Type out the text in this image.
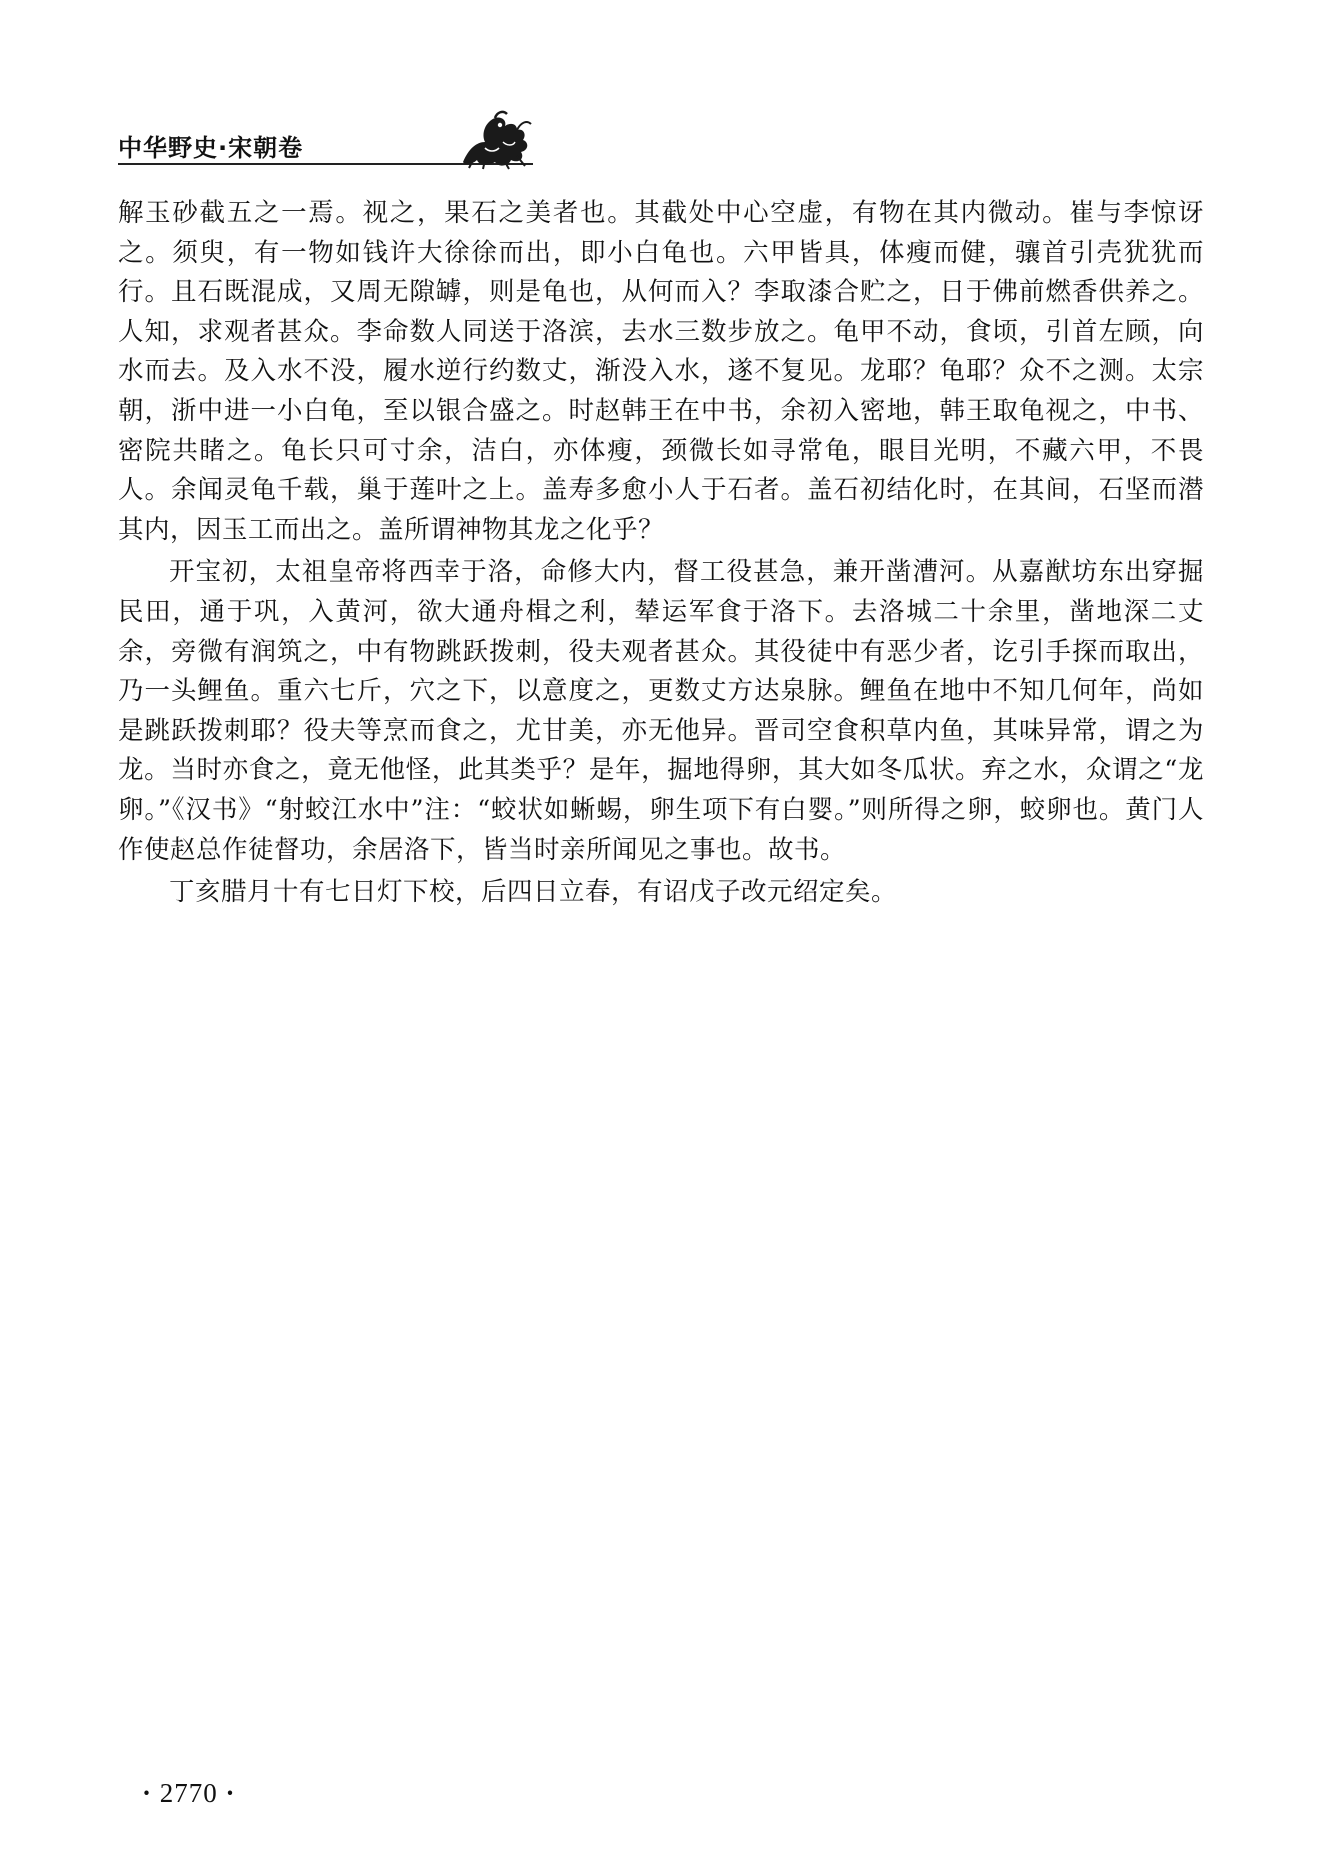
中华野史·宋朝卷

解玉砂截五之一焉。视之，果石之美者也。其截处中心空虚，有物在其内微动。崔与李惊讶之。须臾，有一物如钱许大徐徐而出，即小白龟也。六甲皆具，体瘦而健，骧首引壳犹犹而行。且石既混成，又周无隙罅，则是龟也，从何而入？李取漆合贮之，日于佛前燃香供养之。人知，求观者甚众。李命数人同送于洛滨，去水三数步放之。龟甲不动，食顷，引首左顾，向水而去。及入水不没，履水逆行约数丈，渐没入水，遂不复见。龙耶？龟耶？众不之测。太宗朝，浙中进一小白龟，至以银合盛之。时赵韩王在中书，余初入密地，韩王取龟视之，中书、密院共睹之。龟长只可寸余，洁白，亦体瘦，颈微长如寻常龟，眼目光明，不藏六甲，不畏人。余闻灵龟千载，巢于莲叶之上。盖寿多愈小人于石者。盖石初结化时，在其间，石坚而潜其内，因玉工而出之。盖所谓神物其龙之化乎？

开宝初，太祖皇帝将西幸于洛，命修大内，督工役甚急，兼开凿漕河。从嘉猷坊东出穿掘民田，通于巩，入黄河，欲大通舟楫之利，辇运军食于洛下。去洛城二十余里，凿地深二丈余，旁微有润筑之，中有物跳跃拨刺，役夫观者甚众。其役徒中有恶少者，讫引手探而取出，乃一头鲤鱼。重六七斤，穴之下，以意度之，更数丈方达泉脉。鲤鱼在地中不知几何年，尚如是跳跃拨刺耶？役夫等烹而食之，尤甘美，亦无他异。晋司空食积草内鱼，其味异常，谓之为龙。当时亦食之，竟无他怪，此其类乎？是年，掘地得卵，其大如冬瓜状。弃之水，众谓之“龙卵。”《汉书》“射蛟江水中”注：“蛟状如蜥蜴，卵生项下有白婴。”则所得之卵，蛟卵也。黄门人作使赵总作徒督功，余居洛下，皆当时亲所闻见之事也。故书。

丁亥腊月十有七日灯下校，后四日立春，有诏戊子改元绍定矣。

· 2770 ·
